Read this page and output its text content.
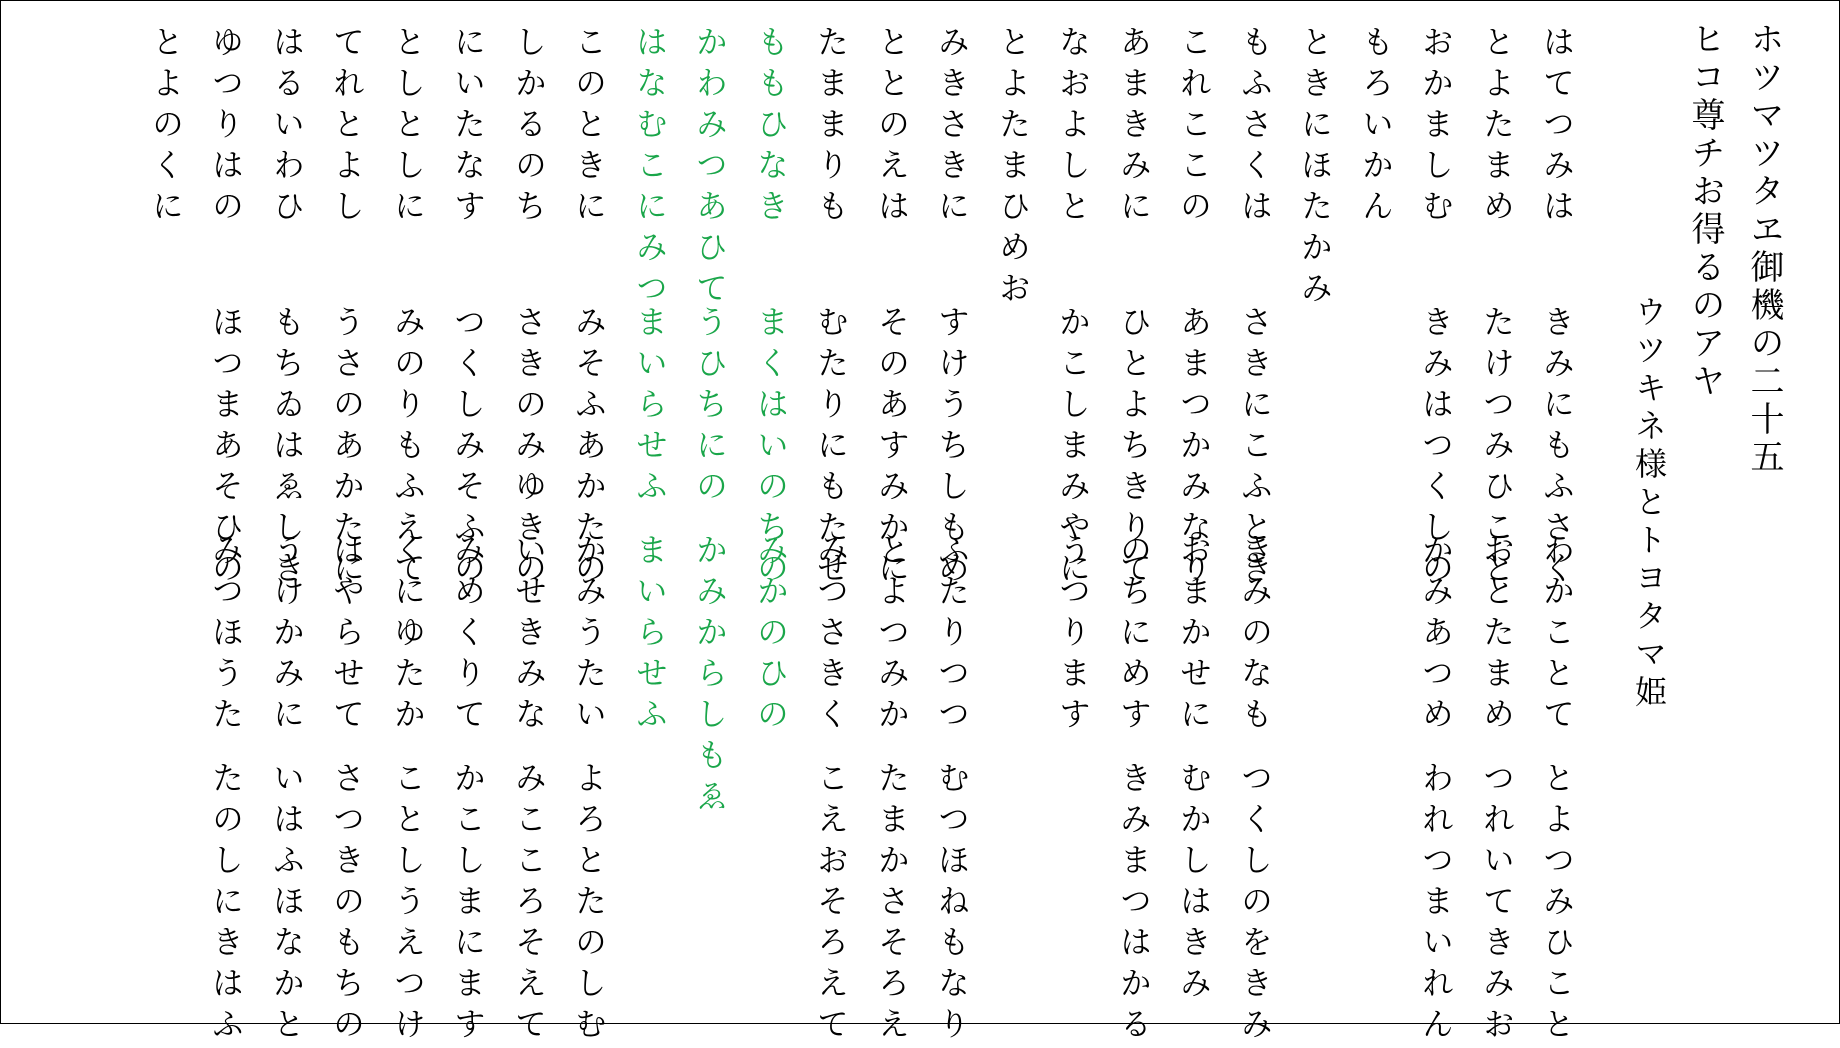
ホツマツタヱ御機の二十五
ヒコ尊チお得るのアヤ
ウツキネ様とトヨタマ姫
はてつみは
きみにもふさく
わかことて
とよつみひこと
とよたまめ
たけつみひこと
おとたまめ
つれいてきみお
おかましむ
きみはつくしの
かみあつめ
われつまいれん
もろいかん
ときにほたかみ
もふさくは
さきにこふとき
きみのなも
つくしのをきみ
これここの
あまつかみなり
おまかせに
むかしはきみ
あまきみに
ひとよちきりて
のちにめす
きみまつはかる
なおよしと
かこしまみやに
うつります
とよたまひめお
みきさきに
すけうちしもめ
ふたりつつ
むつほねもなり
ととのえは
そのあすみかに
とよつみか
たまかさそろえ
たままりも
むたりにもたせ
みつさきく
こえおそろえて
ももひなき
まくはいのちの
みかのひの
かわみつあひて
うひちにの
かみからしもゑ
はなむこにみつ
まいらせふ
まいらせふ
このときに
みそふあかたの
かみうたい
よろとたのしむ
しかるのち
さきのみゆきの
いせきみな
みこころそえて
にいたなす
つくしみそふの
みめくりて
かこしまにます
としとしに
みのりもふえて
くにゆたか
ことしうえつけ
てれとよし
うさのあかたに
はやらせて
さつきのもちの
はるいわひ
もちゐはゑしき
うけかみに
いはふほなかと
ゆつりはの
ほつまあそひの
みつほうた
たのしにきはふ
とよのくに
